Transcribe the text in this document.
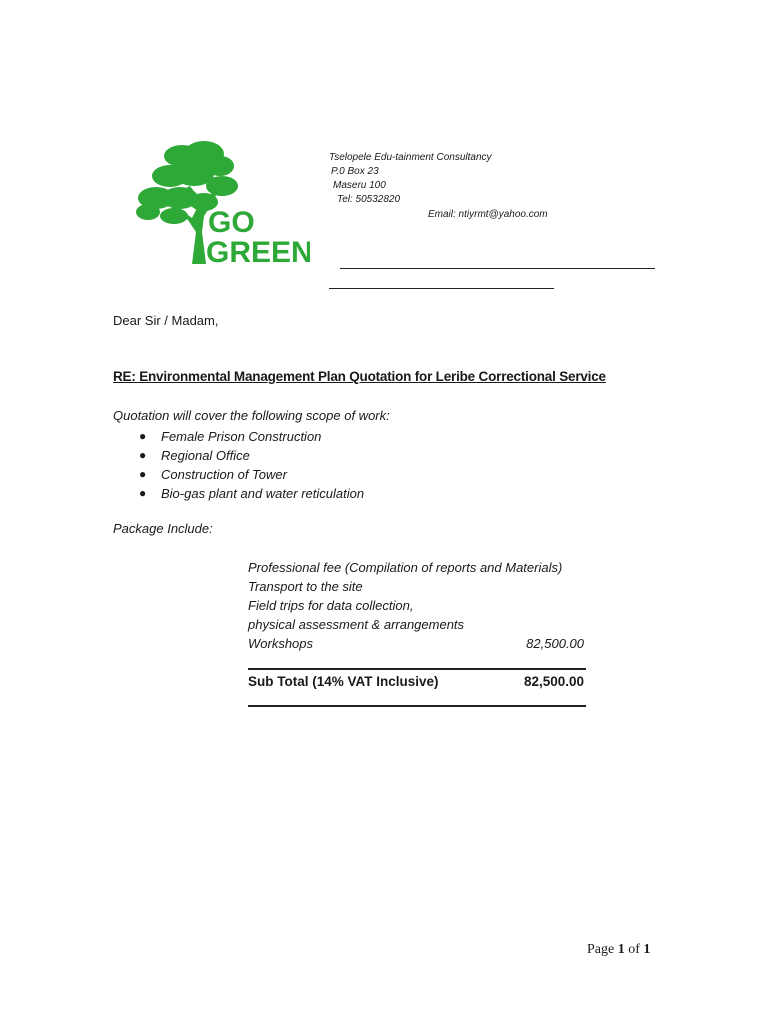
GO
GREEN
Tselopele Edu-tainment Consultancy
P.0 Box 23
Maseru 100
Tel: 50532820
Email: ntiyrmt@yahoo.com
Dear Sir / Madam,
RE: Environmental Management Plan Quotation for Leribe Correctional Service
Quotation will cover the following scope of work:
● Female Prison Construction
● Regional Office
● Construction of Tower
● Bio-gas plant and water reticulation
Package Include:
Professional fee (Compilation of reports and Materials)
Transport to the site
Field trips for data collection,
physical assessment & arrangements
Workshops	82,500.00
Sub Total (14% VAT Inclusive)	82,500.00
Page 1 of 1
